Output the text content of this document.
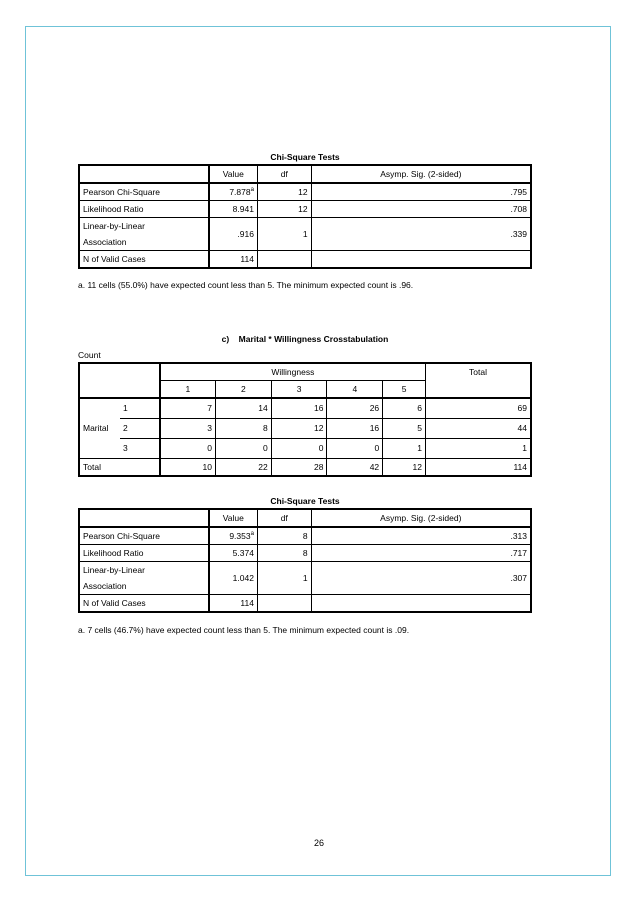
Chi-Square Tests
	Value	df	Asymp. Sig. (2-sided)
Pearson Chi-Square	7.878$^a$	12	.795
Likelihood Ratio	8.941	12	.708
Linear-by-Linear
Association	.916	1	.339
N of Valid Cases	114		
a. 11 cells (55.0%) have expected count less than 5. The minimum expected count is .96.
c)    Marital * Willingness Crosstabulation
Count
		Willingness					Total
		1	2	3	4	5	
Marital	1	7	14	16	26	6	69
	2	3	8	12	16	5	44
	3	0	0	0	0	1	1
Total		10	22	28	42	12	114
Chi-Square Tests
	Value	df	Asymp. Sig. (2-sided)
Pearson Chi-Square	9.353$^a$	8	.313
Likelihood Ratio	5.374	8	.717
Linear-by-Linear
Association	1.042	1	.307
N of Valid Cases	114		
a. 7 cells (46.7%) have expected count less than 5. The minimum expected count is .09.
26
